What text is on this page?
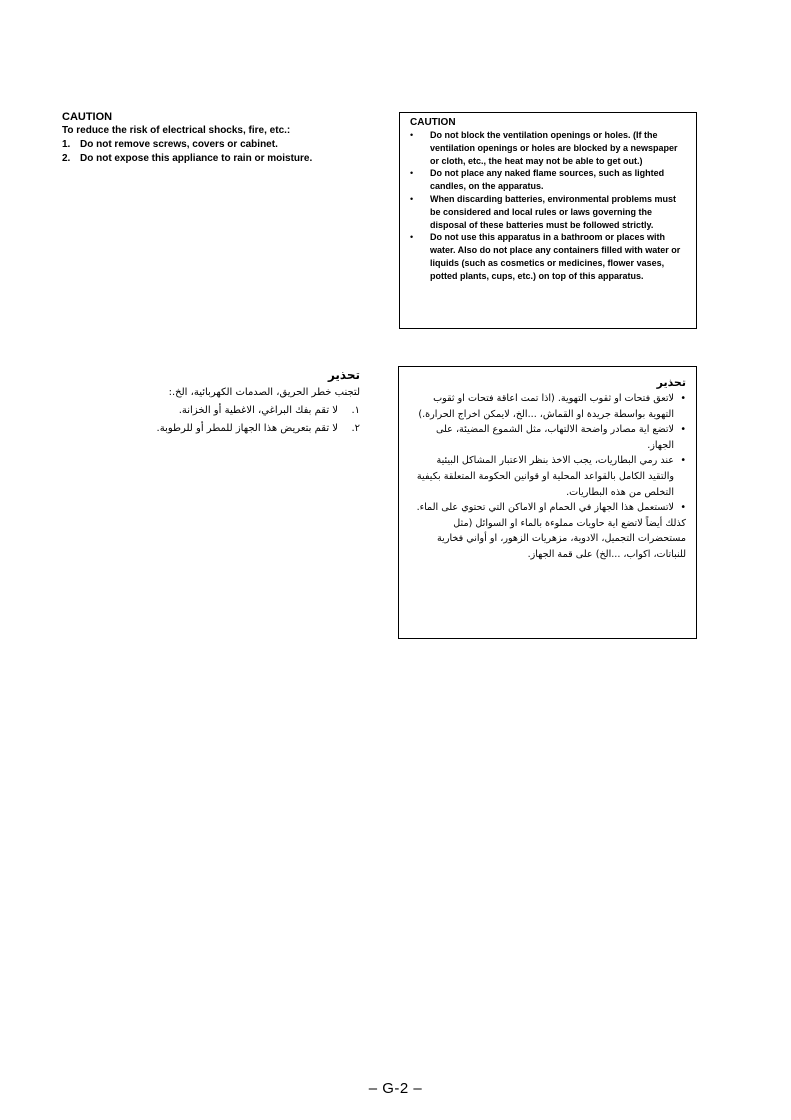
CAUTION
To reduce the risk of electrical shocks, fire, etc.:
1. Do not remove screws, covers or cabinet.
2. Do not expose this appliance to rain or moisture.
CAUTION
• Do not block the ventilation openings or holes. (If the ventilation openings or holes are blocked by a newspaper or cloth, etc., the heat may not be able to get out.)
• Do not place any naked flame sources, such as lighted candles, on the apparatus.
• When discarding batteries, environmental problems must be considered and local rules or laws governing the disposal of these batteries must be followed strictly.
• Do not use this apparatus in a bathroom or places with water. Also do not place any containers filled with water or liquids (such as cosmetics or medicines, flower vases, potted plants, cups, etc.) on top of this apparatus.
تحذير
لتجنب خطر الحريق، الصدمات الكهربائية، الخ.:
١.لا تقم بفك البراغي، الاغطية أو الخزانة.
٢.لا تقم بتعريض هذا الجهاز للمطر أو للرطوبة.
تحذير
•
لاتعق فتحات او ثقوب التهوية. (اذا تمت اعاقة فتحات او ثقوب التهوية بواسطة جريدة او القماش، ...الخ، لايمكن اخراج الحرارة.)
•
لاتضع اية مصادر واضحة الالتهاب، مثل الشموع المضيئة، على الجهاز.
•
عند رمي البطاريات، يجب الاخذ بنظر الاعتبار المشاكل البيئية والتقيد الكامل بالقواعد المحلية او قوانين الحكومة المتعلقة بكيفية التخلص من هذه البطاريات.
•
لاتستعمل هذا الجهاز في الحمام او الاماكن التي تحتوي على الماء.
كذلك أيضاً لاتضع اية حاويات مملوءة بالماء او السوائل (مثل مستحضرات التجميل، الادوية، مزهريات الزهور، او أواني فخارية للنباتات، اكواب، ...الخ) على قمة الجهاز.
– G-2 –
